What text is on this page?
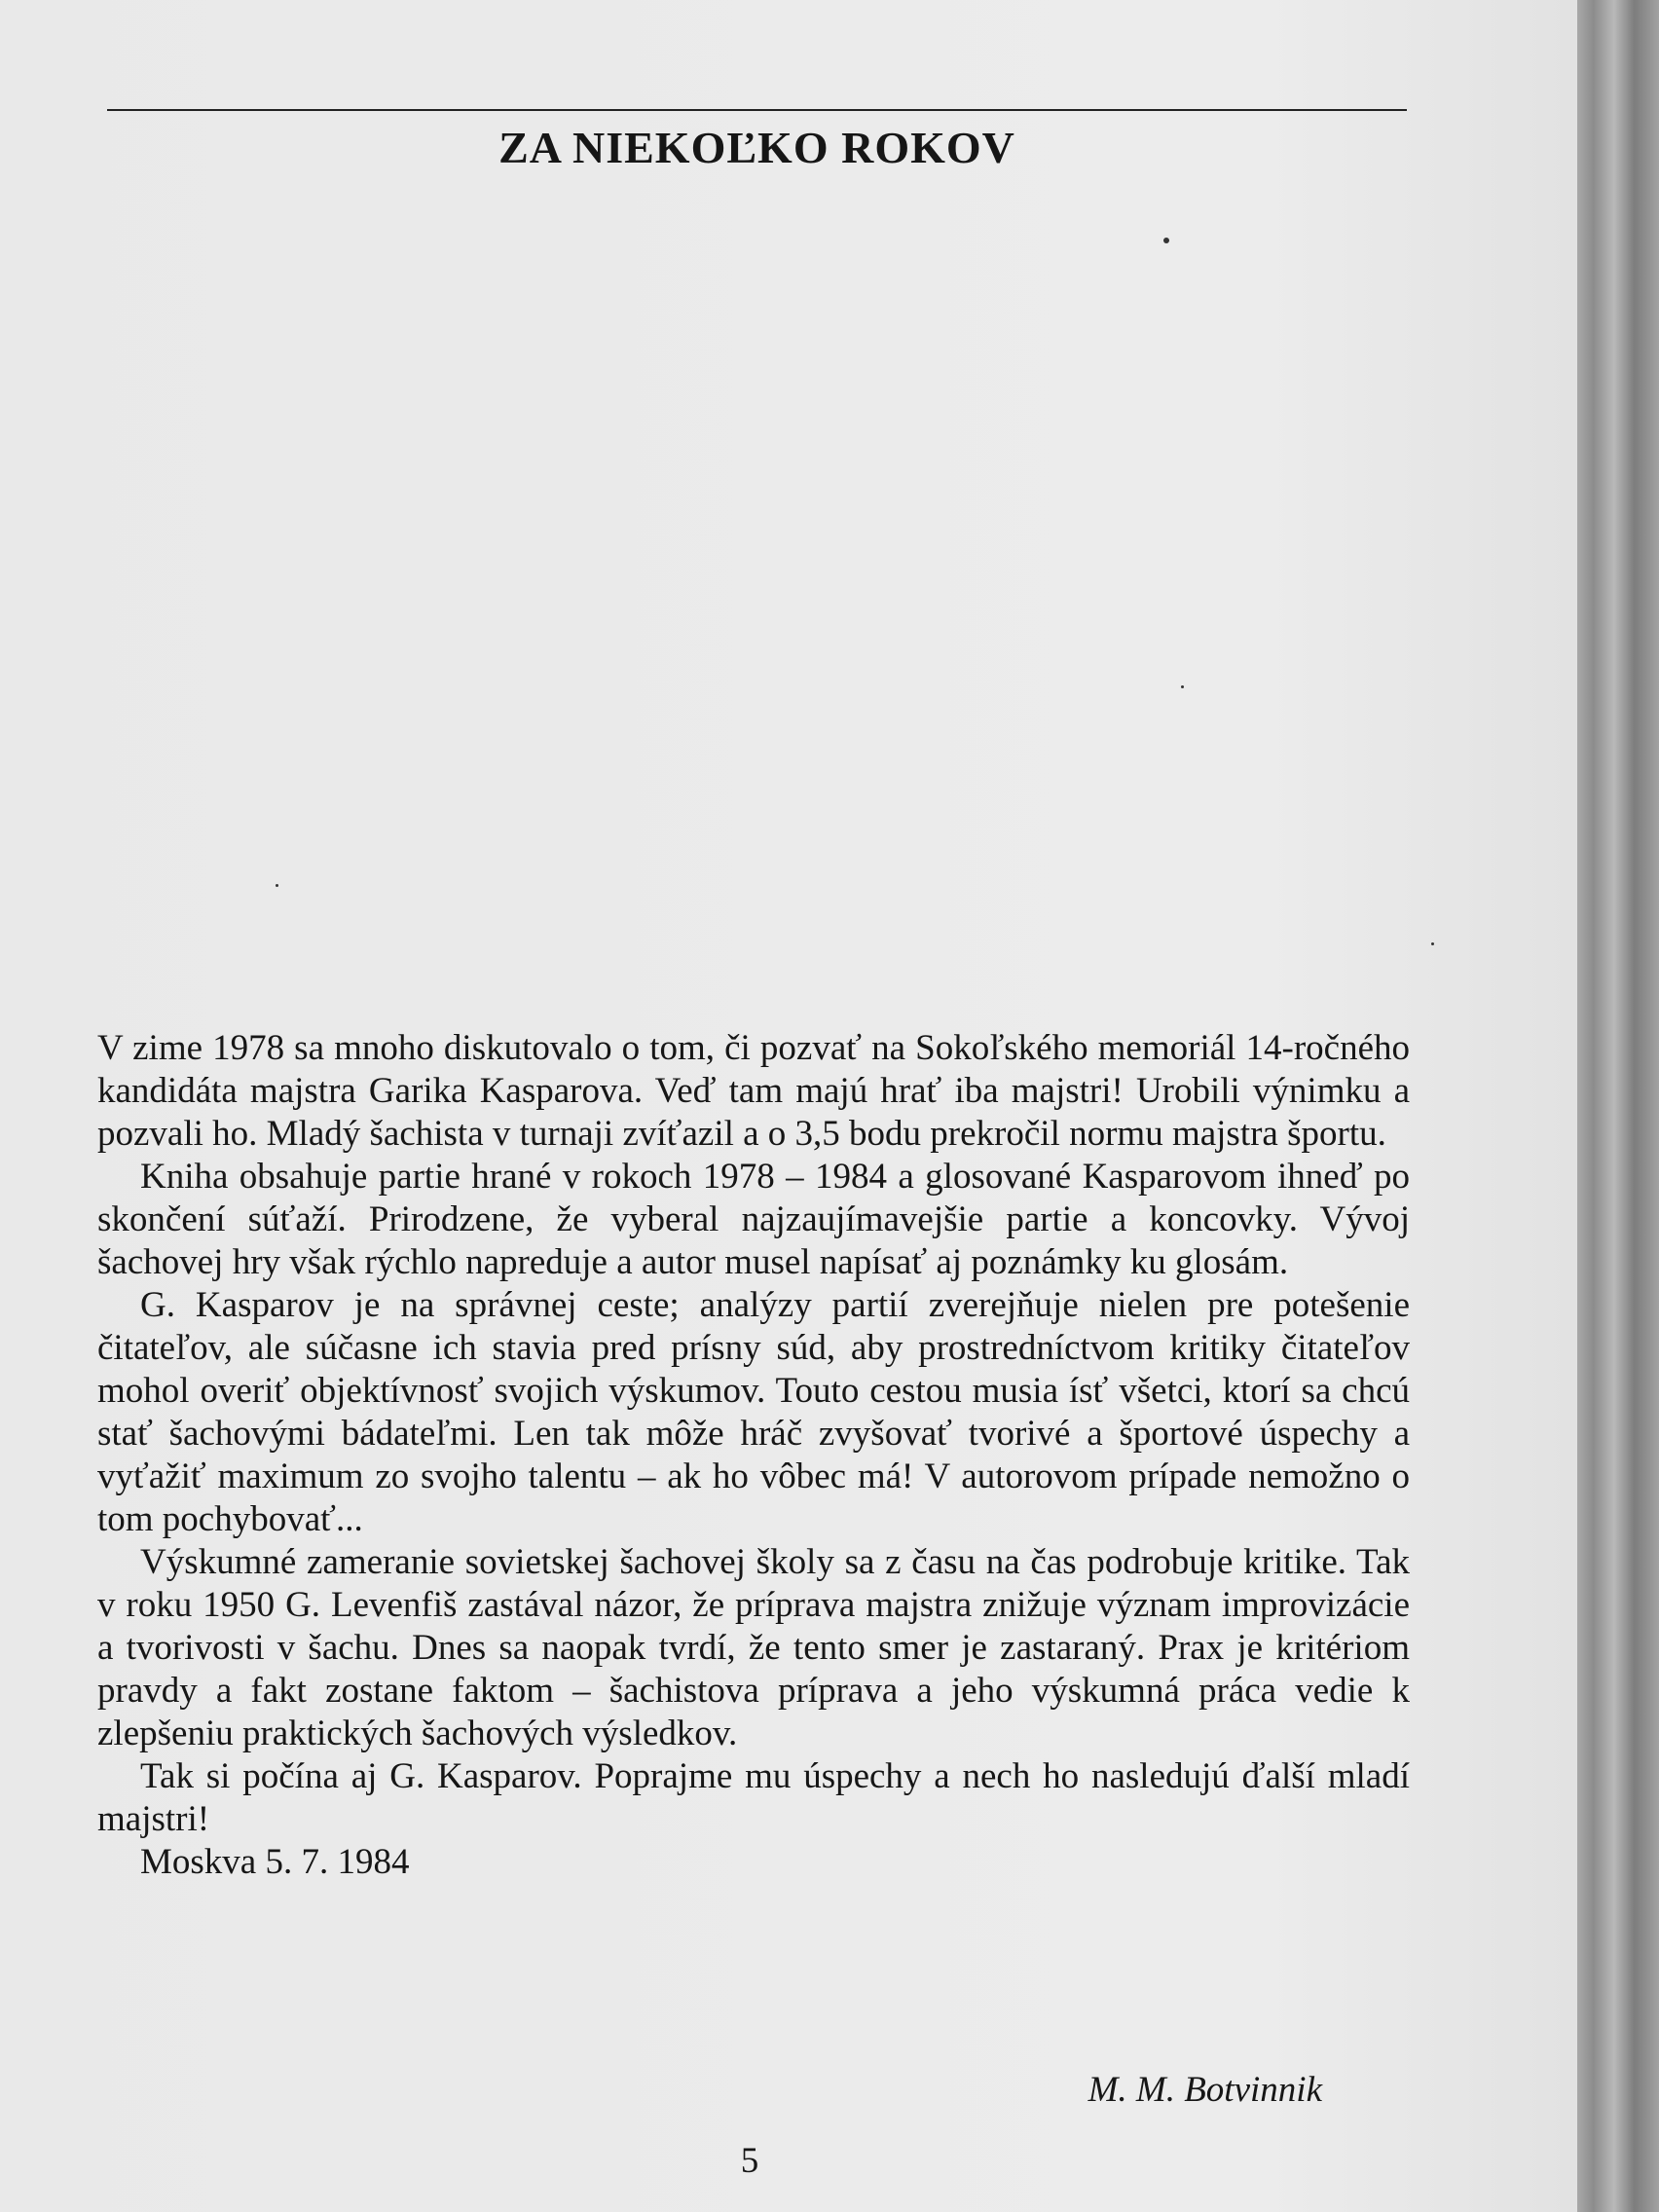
ZA NIEKOĽKO ROKOV

V zime 1978 sa mnoho diskutovalo o tom, či pozvať na Sokoľského memoriál 14-ročného kandidáta majstra Garika Kasparova. Veď tam majú hrať iba majstri! Urobili výnimku a pozvali ho. Mladý šachista v turnaji zvíťazil a o 3,5 bodu prekročil normu majstra športu.

Kniha obsahuje partie hrané v rokoch 1978 – 1984 a glosované Kasparovom ihneď po skončení súťaží. Prirodzene, že vyberal najzaujímavejšie partie a koncovky. Vývoj šachovej hry však rýchlo napreduje a autor musel napísať aj poznámky ku glosám.

G. Kasparov je na správnej ceste; analýzy partií zverejňuje nielen pre potešenie čitateľov, ale súčasne ich stavia pred prísny súd, aby prostredníctvom kritiky čitateľov mohol overiť objektívnosť svojich výskumov. Touto cestou musia ísť všetci, ktorí sa chcú stať šachovými bádateľmi. Len tak môže hráč zvyšovať tvorivé a športové úspechy a vyťažiť maximum zo svojho talentu – ak ho vôbec má! V autorovom prípade nemožno o tom pochybovať...

Výskumné zameranie sovietskej šachovej školy sa z času na čas podrobuje kritike. Tak v roku 1950 G. Levenfiš zastával názor, že príprava majstra znižuje význam improvizácie a tvorivosti v šachu. Dnes sa naopak tvrdí, že tento smer je zastaraný. Prax je kritériom pravdy a fakt zostane faktom – šachistova príprava a jeho výskumná práca vedie k zlepšeniu praktických šachových výsledkov.

Tak si počína aj G. Kasparov. Poprajme mu úspechy a nech ho nasledujú ďalší mladí majstri!

Moskva 5. 7. 1984

M. M. Botvinnik

5
